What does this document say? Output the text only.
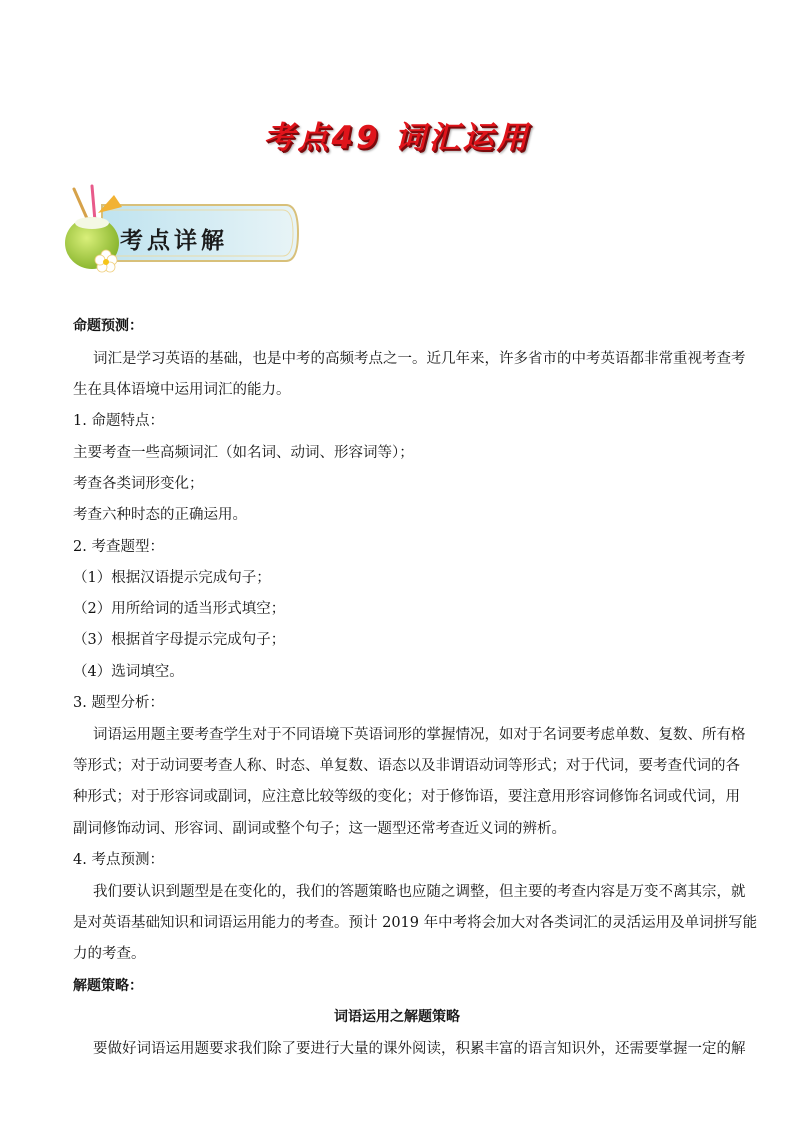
考点49 词汇运用
考点详解
命题预测：
词汇是学习英语的基础，也是中考的高频考点之一。近几年来，许多省市的中考英语都非常重视考查考
生在具体语境中运用词汇的能力。
1. 命题特点：
主要考查一些高频词汇（如名词、动词、形容词等）；
考查各类词形变化；
考查六种时态的正确运用。
2. 考查题型：
（1）根据汉语提示完成句子；
（2）用所给词的适当形式填空；
（3）根据首字母提示完成句子；
（4）选词填空。
3. 题型分析：
词语运用题主要考查学生对于不同语境下英语词形的掌握情况，如对于名词要考虑单数、复数、所有格
等形式；对于动词要考查人称、时态、单复数、语态以及非谓语动词等形式；对于代词，要考查代词的各
种形式；对于形容词或副词，应注意比较等级的变化；对于修饰语，要注意用形容词修饰名词或代词，用
副词修饰动词、形容词、副词或整个句子；这一题型还常考查近义词的辨析。
4. 考点预测：
我们要认识到题型是在变化的，我们的答题策略也应随之调整，但主要的考查内容是万变不离其宗，就
是对英语基础知识和词语运用能力的考查。预计 2019 年中考将会加大对各类词汇的灵活运用及单词拼写能
力的考查。
解题策略：
词语运用之解题策略
要做好词语运用题要求我们除了要进行大量的课外阅读，积累丰富的语言知识外，还需要掌握一定的解
